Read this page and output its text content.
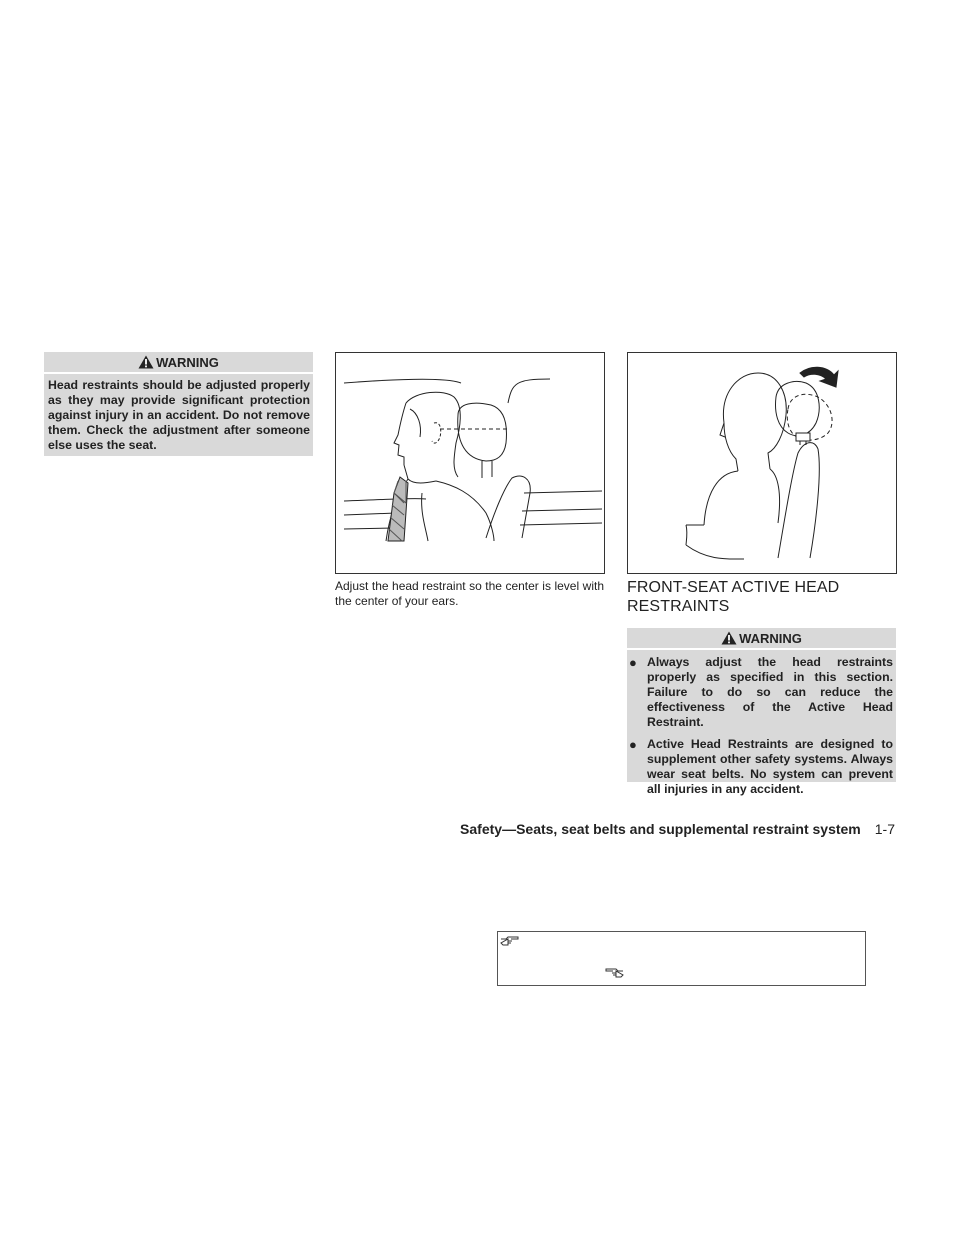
WARNING
Head restraints should be adjusted properly as they may provide significant protection against injury in an accident. Do not remove them. Check the adjustment after someone else uses the seat.
Adjust the head restraint so the center is level with the center of your ears.
FRONT-SEAT ACTIVE HEAD
RESTRAINTS
WARNING
● Always adjust the head restraints properly as specified in this section. Failure to do so can reduce the effectiveness of the Active Head Restraint.
● Active Head Restraints are designed to supplement other safety systems. Always wear seat belts. No system can prevent all injuries in any accident.
Safety—Seats, seat belts and supplemental restraint system 1-7
